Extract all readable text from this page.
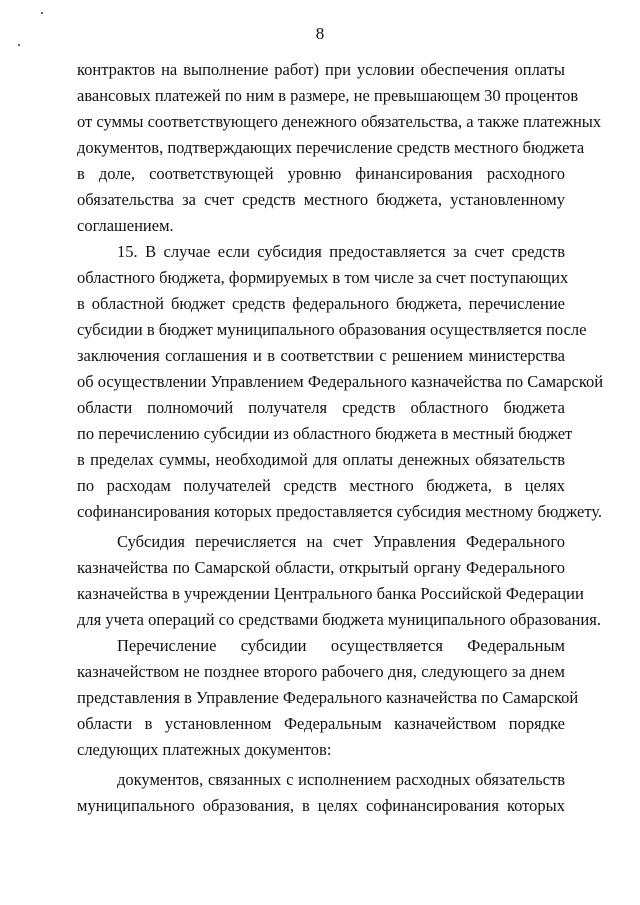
8
контрактов на выполнение работ) при условии обеспечения оплаты
авансовых платежей по ним в размере, не превышающем 30 процентов
от суммы соответствующего денежного обязательства, а также платежных
документов, подтверждающих перечисление средств местного бюджета
в доле, соответствующей уровню финансирования расходного
обязательства за счет средств местного бюджета, установленному
соглашением.
15. В случае если субсидия предоставляется за счет средств
областного бюджета, формируемых в том числе за счет поступающих
в областной бюджет средств федерального бюджета, перечисление
субсидии в бюджет муниципального образования осуществляется после
заключения соглашения и в соответствии с решением министерства
об осуществлении Управлением Федерального казначейства по Самарской
области полномочий получателя средств областного бюджета
по перечислению субсидии из областного бюджета в местный бюджет
в пределах суммы, необходимой для оплаты денежных обязательств
по расходам получателей средств местного бюджета, в целях
софинансирования которых предоставляется субсидия местному бюджету.
Субсидия перечисляется на счет Управления Федерального
казначейства по Самарской области, открытый органу Федерального
казначейства в учреждении Центрального банка Российской Федерации
для учета операций со средствами бюджета муниципального образования.
Перечисление субсидии осуществляется Федеральным
казначейством не позднее второго рабочего дня, следующего за днем
представления в Управление Федерального казначейства по Самарской
области в установленном Федеральным казначейством порядке
следующих платежных документов:
документов, связанных с исполнением расходных обязательств
муниципального образования, в целях софинансирования которых
